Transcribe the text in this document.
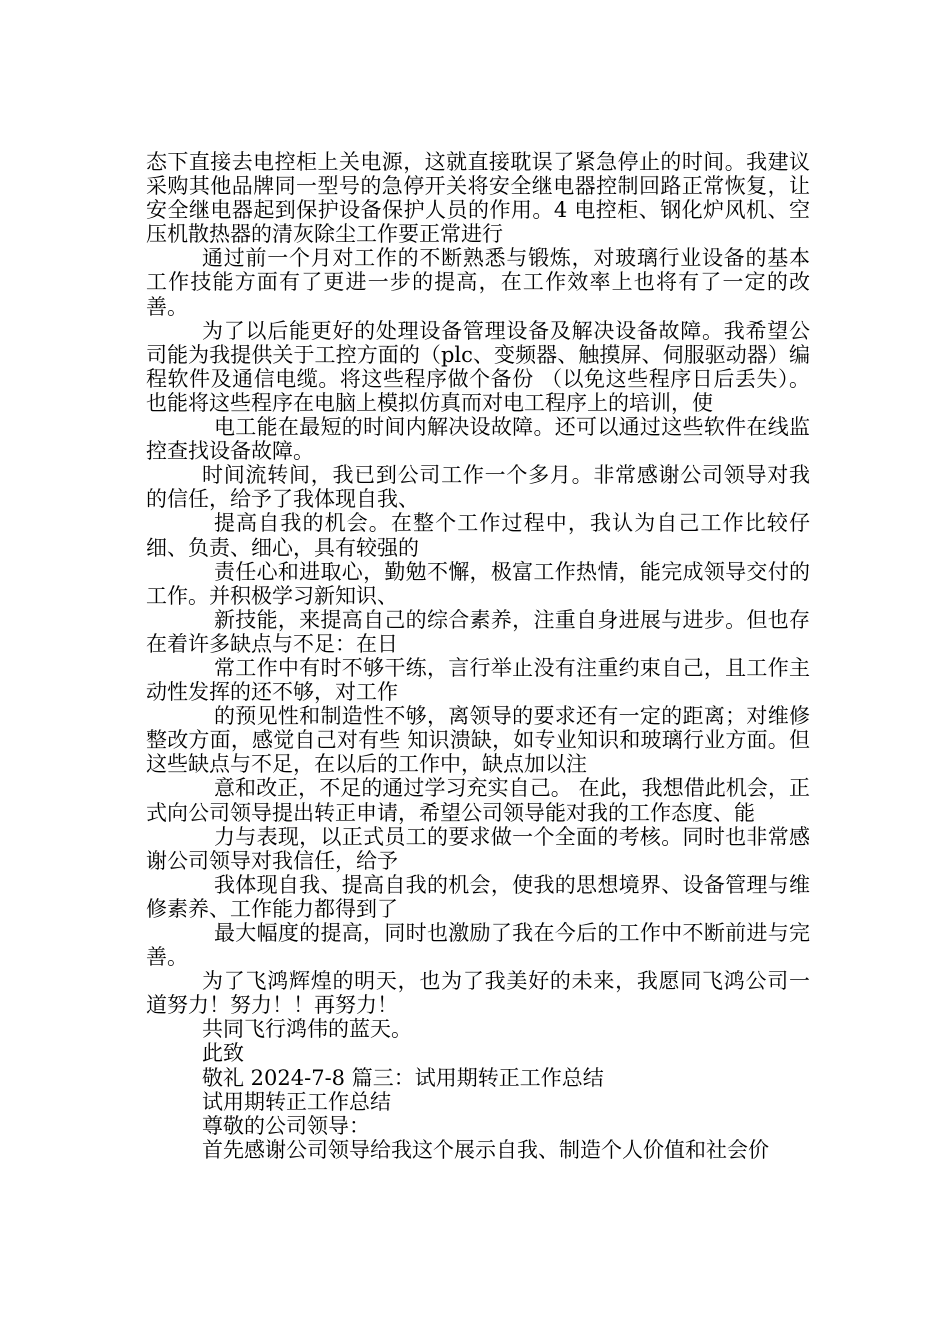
态下直接去电控柜上关电源，这就直接耽误了紧急停止的时间。我建议采购其他品牌同一型号的急停开关将安全继电器控制回路正常恢复，让安全继电器起到保护设备保护人员的作用。4 电控柜、钢化炉风机、空压机散热器的清灰除尘工作要正常进行

通过前一个月对工作的不断熟悉与锻炼，对玻璃行业设备的基本工作技能方面有了更进一步的提高，在工作效率上也将有了一定的改善。

为了以后能更好的处理设备管理设备及解决设备故障。我希望公司能为我提供关于工控方面的（plc、变频器、触摸屏、伺服驱动器）编程软件及通信电缆。将这些程序做个备份 （以免这些程序日后丢失）。也能将这些程序在电脑上模拟仿真而对电工程序上的培训，使

电工能在最短的时间内解决设故障。还可以通过这些软件在线监控查找设备故障。

时间流转间，我已到公司工作一个多月。非常感谢公司领导对我的信任，给予了我体现自我、

提高自我的机会。在整个工作过程中，我认为自己工作比较仔细、负责、细心，具有较强的

责任心和进取心，勤勉不懈，极富工作热情，能完成领导交付的工作。并积极学习新知识、

新技能，来提高自己的综合素养，注重自身进展与进步。但也存在着许多缺点与不足：在日

常工作中有时不够干练，言行举止没有注重约束自己，且工作主动性发挥的还不够，对工作

的预见性和制造性不够，离领导的要求还有一定的距离；对维修整改方面，感觉自己对有些 知识溃缺，如专业知识和玻璃行业方面。但这些缺点与不足，在以后的工作中，缺点加以注

意和改正，不足的通过学习充实自己。 在此，我想借此机会，正式向公司领导提出转正申请，希望公司领导能对我的工作态度、能

力与表现，以正式员工的要求做一个全面的考核。同时也非常感谢公司领导对我信任，给予

我体现自我、提高自我的机会，使我的思想境界、设备管理与维修素养、工作能力都得到了

最大幅度的提高，同时也激励了我在今后的工作中不断前进与完善。

为了飞鸿辉煌的明天，也为了我美好的未来，我愿同飞鸿公司一道努力！努力！！再努力！

共同飞行鸿伟的蓝天。

此致

敬礼 2024-7-8 篇三：试用期转正工作总结

试用期转正工作总结

尊敬的公司领导：

首先感谢公司领导给我这个展示自我、制造个人价值和社会价
